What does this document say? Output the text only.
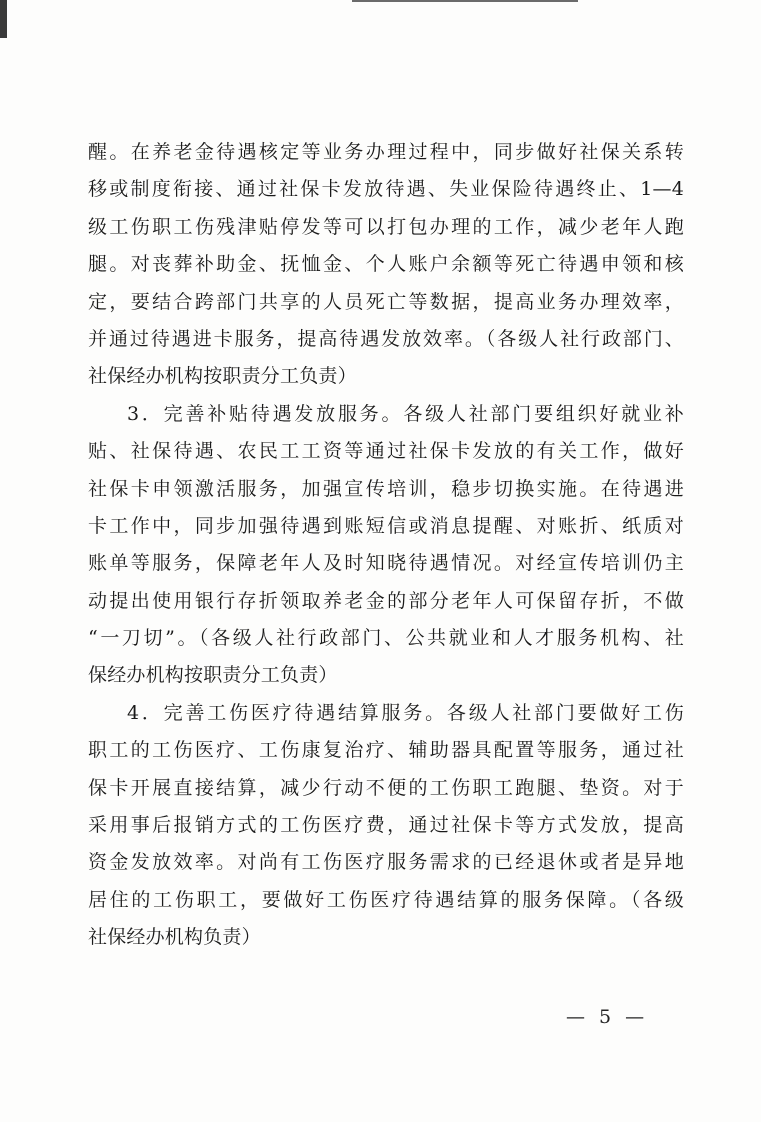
醒。在养老金待遇核定等业务办理过程中，同步做好社保关系转
移或制度衔接、通过社保卡发放待遇、失业保险待遇终止、1—4
级工伤职工伤残津贴停发等可以打包办理的工作，减少老年人跑
腿。对丧葬补助金、抚恤金、个人账户余额等死亡待遇申领和核
定，要结合跨部门共享的人员死亡等数据，提高业务办理效率，
并通过待遇进卡服务，提高待遇发放效率。（各级人社行政部门、
社保经办机构按职责分工负责）
3．完善补贴待遇发放服务。各级人社部门要组织好就业补
贴、社保待遇、农民工工资等通过社保卡发放的有关工作，做好
社保卡申领激活服务，加强宣传培训，稳步切换实施。在待遇进
卡工作中，同步加强待遇到账短信或消息提醒、对账折、纸质对
账单等服务，保障老年人及时知晓待遇情况。对经宣传培训仍主
动提出使用银行存折领取养老金的部分老年人可保留存折，不做
“一刀切”。（各级人社行政部门、公共就业和人才服务机构、社
保经办机构按职责分工负责）
4．完善工伤医疗待遇结算服务。各级人社部门要做好工伤
职工的工伤医疗、工伤康复治疗、辅助器具配置等服务，通过社
保卡开展直接结算，减少行动不便的工伤职工跑腿、垫资。对于
采用事后报销方式的工伤医疗费，通过社保卡等方式发放，提高
资金发放效率。对尚有工伤医疗服务需求的已经退休或者是异地
居住的工伤职工，要做好工伤医疗待遇结算的服务保障。（各级
社保经办机构负责）
— 5 —
